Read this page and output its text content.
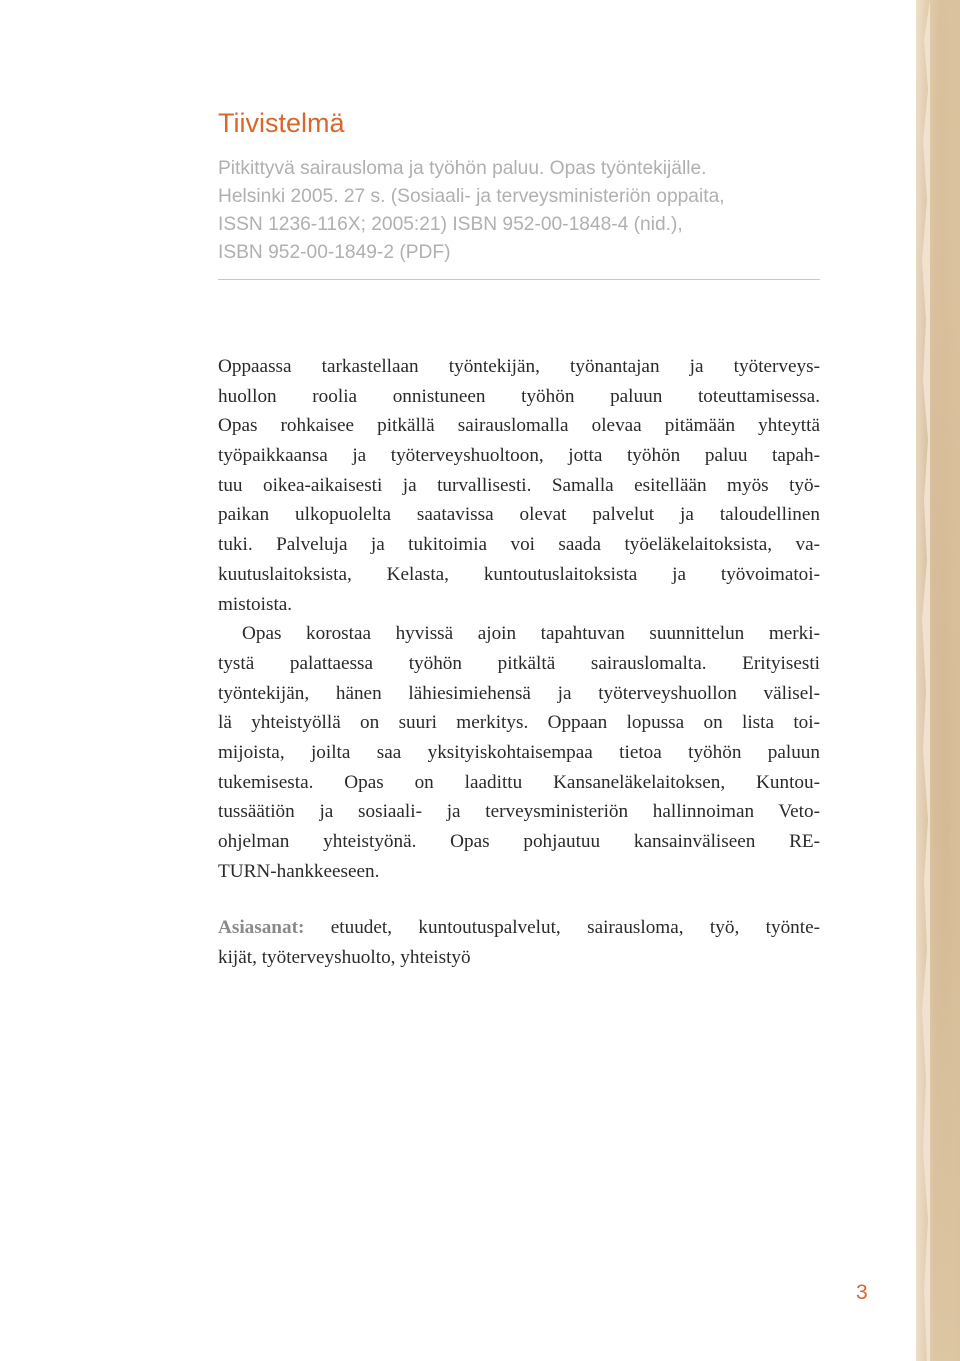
Tiivistelmä
Pitkittyvä sairausloma ja työhön paluu. Opas työntekijälle.
Helsinki 2005. 27 s. (Sosiaali- ja terveysministeriön oppaita,
ISSN 1236-116X; 2005:21) ISBN 952-00-1848-4 (nid.),
ISBN 952-00-1849-2 (PDF)
Oppaassa tarkastellaan työntekijän, työnantajan ja työterveys-
huollon roolia onnistuneen työhön paluun toteuttamisessa.
Opas rohkaisee pitkällä sairauslomalla olevaa pitämään yhteyttä
työpaikkaansa ja työterveyshuoltoon, jotta työhön paluu tapah-
tuu oikea-aikaisesti ja turvallisesti. Samalla esitellään myös työ-
paikan ulkopuolelta saatavissa olevat palvelut ja taloudellinen
tuki. Palveluja ja tukitoimia voi saada työeläkelaitoksista, va-
kuutuslaitoksista, Kelasta, kuntoutuslaitoksista ja työvoimatoi-
mistoista.
Opas korostaa hyvissä ajoin tapahtuvan suunnittelun merki-
tystä palattaessa työhön pitkältä sairauslomalta. Erityisesti
työntekijän, hänen lähiesimiehensä ja työterveyshuollon välisel-
lä yhteistyöllä on suuri merkitys. Oppaan lopussa on lista toi-
mijoista, joilta saa yksityiskohtaisempaa tietoa työhön paluun
tukemisesta. Opas on laadittu Kansaneläkelaitoksen, Kuntou-
tussäätiön ja sosiaali- ja terveysministeriön hallinnoiman Veto-
ohjelman yhteistyönä. Opas pohjautuu kansainväliseen RE-
TURN-hankkeeseen.
Asiasanat: etuudet, kuntoutuspalvelut, sairausloma, työ, työnte-
kijät, työterveyshuolto, yhteistyö
3
